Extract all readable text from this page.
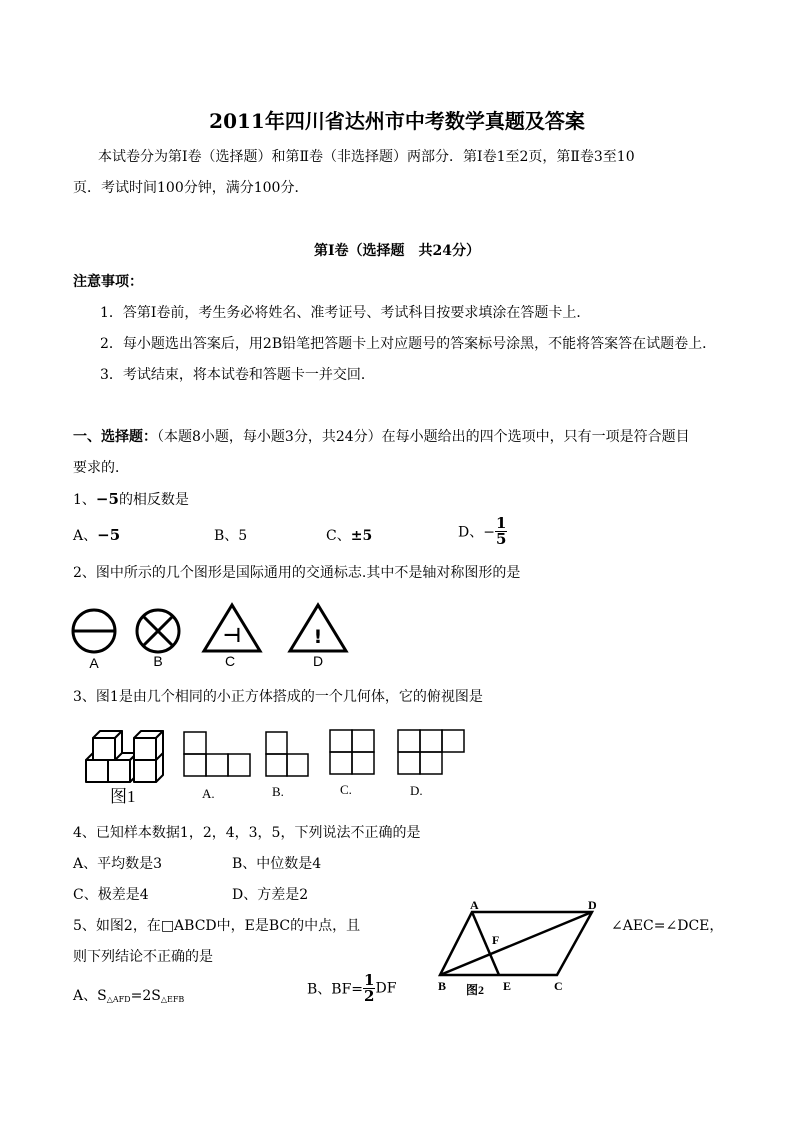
2011年四川省达州市中考数学真题及答案
本试卷分为第Ⅰ卷（选择题）和第Ⅱ卷（非选择题）两部分．第Ⅰ卷1至2页，第Ⅱ卷3至10
页．考试时间100分钟，满分100分．
第Ⅰ卷（选择题　共24分）
注意事项：
1．答第Ⅰ卷前，考生务必将姓名、准考证号、考试科目按要求填涂在答题卡上．
2．每小题选出答案后，用2B铅笔把答题卡上对应题号的答案标号涂黑，不能将答案答在试题卷上．
3．考试结束，将本试卷和答题卡一并交回．
一、选择题：（本题8小题，每小题3分，共24分）在每小题给出的四个选项中，只有一项是符合题目
要求的．
1、−5的相反数是
A、−5	B、5	C、±5	D、− $\frac{1}{5}$
2、图中所示的几个图形是国际通用的交通标志.其中不是轴对称图形的是
⊣	!
A	B	C	D
3、图1是由几个相同的小正方体搭成的一个几何体，它的俯视图是
图1	A.	B.	C.	D.
4、已知样本数据1，2，4，3，5，下列说法不正确的是
A、平均数是3	B、中位数是4
C、极差是4	D、方差是2
5、如图2，在□ABCD中，E是BC的中点，且	∠AEC=∠DCE，
则下列结论不正确的是
A、$S_{\triangle AFD}=2S_{\triangle EFB}$
B、$BF= \frac{1}{2}$ DF
A	D
B	C
E
F
图2
